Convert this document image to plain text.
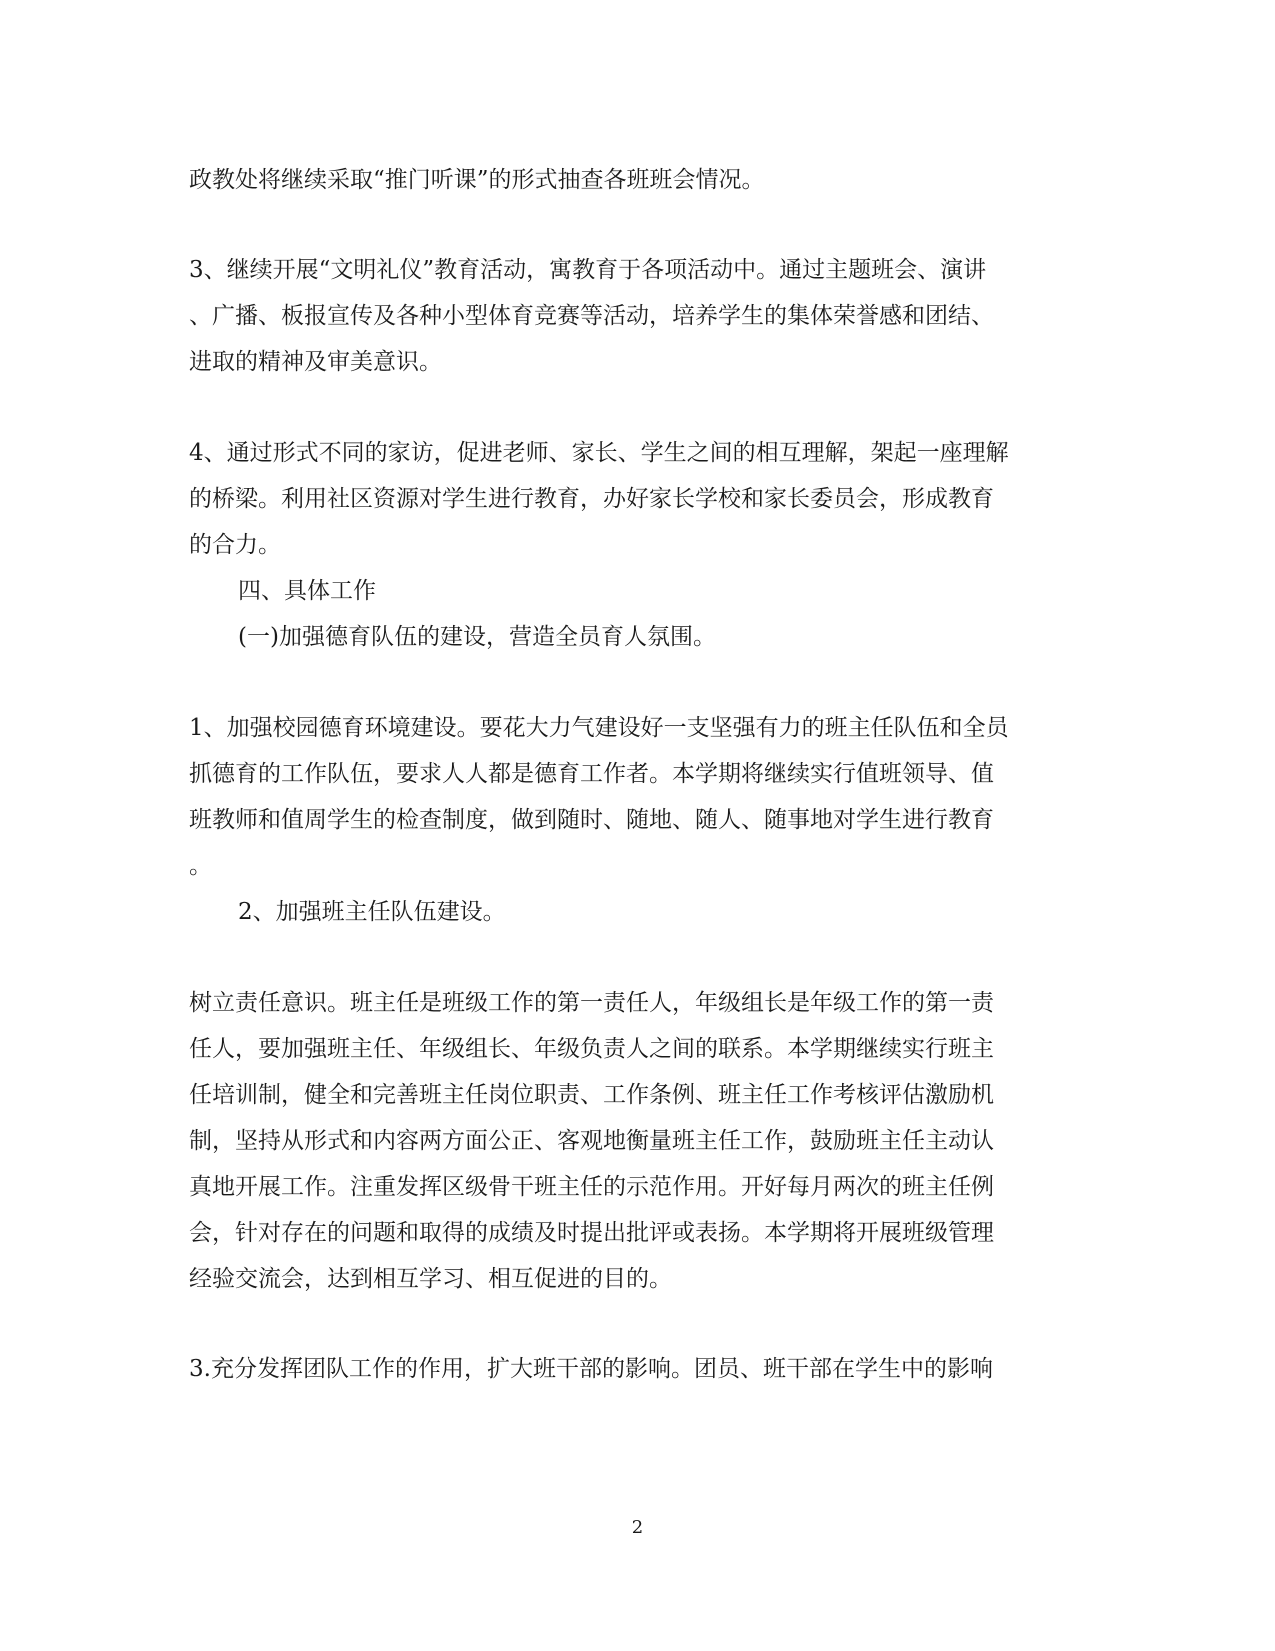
政教处将继续采取“推门听课”的形式抽查各班班会情况。
3、继续开展“文明礼仪”教育活动，寓教育于各项活动中。通过主题班会、演讲
、广播、板报宣传及各种小型体育竞赛等活动，培养学生的集体荣誉感和团结、
进取的精神及审美意识。
4、通过形式不同的家访，促进老师、家长、学生之间的相互理解，架起一座理解
的桥梁。利用社区资源对学生进行教育，办好家长学校和家长委员会，形成教育
的合力。
四、具体工作
(一)加强德育队伍的建设，营造全员育人氛围。
1、加强校园德育环境建设。要花大力气建设好一支坚强有力的班主任队伍和全员
抓德育的工作队伍，要求人人都是德育工作者。本学期将继续实行值班领导、值
班教师和值周学生的检查制度，做到随时、随地、随人、随事地对学生进行教育
。
2、加强班主任队伍建设。
树立责任意识。班主任是班级工作的第一责任人，年级组长是年级工作的第一责
任人，要加强班主任、年级组长、年级负责人之间的联系。本学期继续实行班主
任培训制，健全和完善班主任岗位职责、工作条例、班主任工作考核评估激励机
制，坚持从形式和内容两方面公正、客观地衡量班主任工作，鼓励班主任主动认
真地开展工作。注重发挥区级骨干班主任的示范作用。开好每月两次的班主任例
会，针对存在的问题和取得的成绩及时提出批评或表扬。本学期将开展班级管理
经验交流会，达到相互学习、相互促进的目的。
3.充分发挥团队工作的作用，扩大班干部的影响。团员、班干部在学生中的影响
2
